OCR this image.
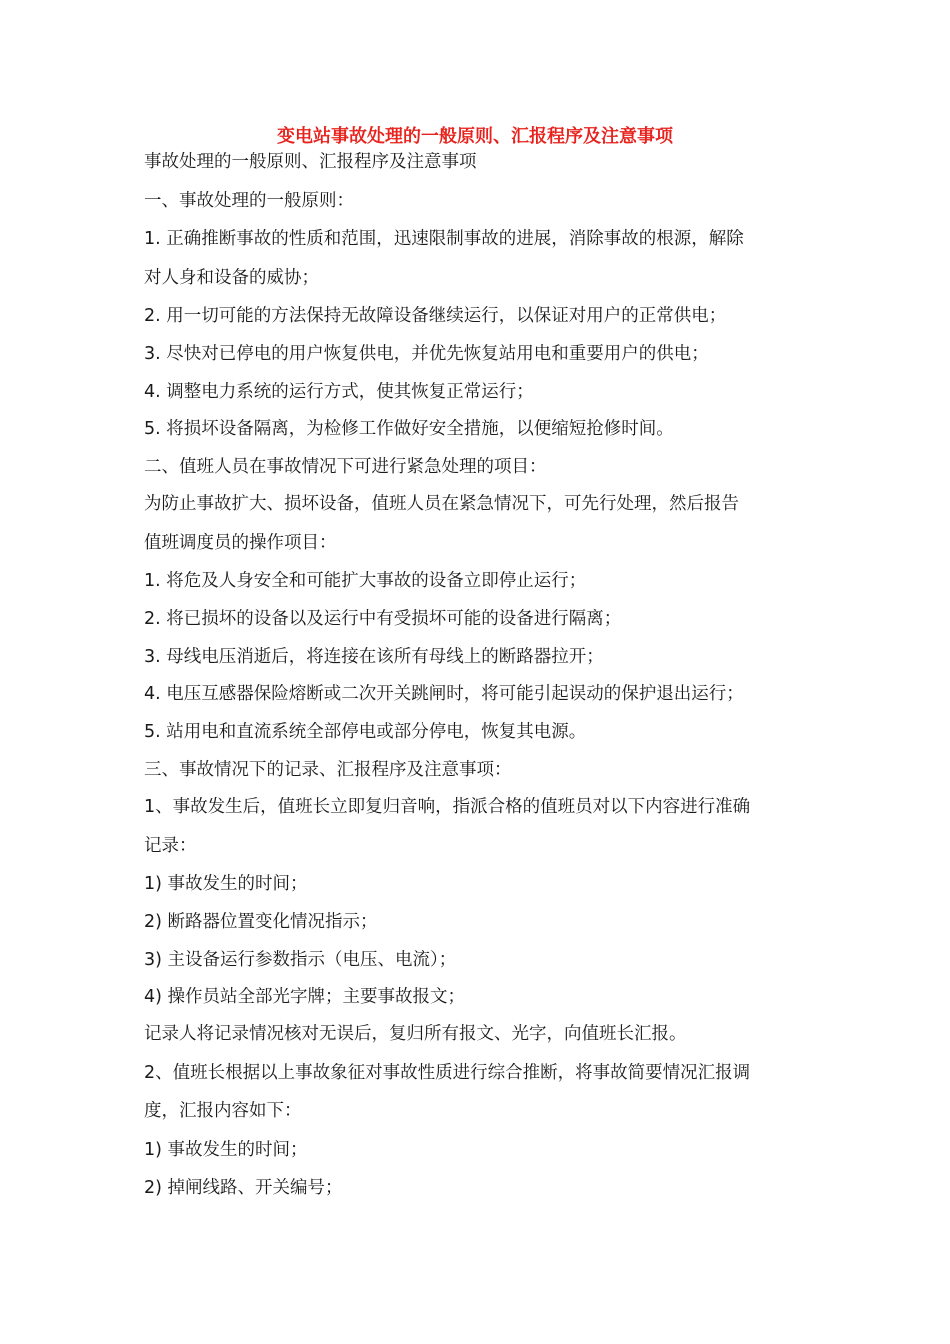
变电站事故处理的一般原则、汇报程序及注意事项
事故处理的一般原则、汇报程序及注意事项
一、事故处理的一般原则：
1. 正确推断事故的性质和范围，迅速限制事故的进展，消除事故的根源，解除
对人身和设备的威协；
2. 用一切可能的方法保持无故障设备继续运行，以保证对用户的正常供电；
3. 尽快对已停电的用户恢复供电，并优先恢复站用电和重要用户的供电；
4. 调整电力系统的运行方式，使其恢复正常运行；
5. 将损坏设备隔离，为检修工作做好安全措施，以便缩短抢修时间。
二、值班人员在事故情况下可进行紧急处理的项目：
为防止事故扩大、损坏设备，值班人员在紧急情况下，可先行处理，然后报告
值班调度员的操作项目：
1. 将危及人身安全和可能扩大事故的设备立即停止运行；
2. 将已损坏的设备以及运行中有受损坏可能的设备进行隔离；
3. 母线电压消逝后，将连接在该所有母线上的断路器拉开；
4. 电压互感器保险熔断或二次开关跳闸时，将可能引起误动的保护退出运行；
5. 站用电和直流系统全部停电或部分停电，恢复其电源。
三、事故情况下的记录、汇报程序及注意事项：
1、事故发生后，值班长立即复归音响，指派合格的值班员对以下内容进行准确
记录：
1) 事故发生的时间；
2) 断路器位置变化情况指示；
3) 主设备运行参数指示（电压、电流）；
4) 操作员站全部光字牌；主要事故报文；
记录人将记录情况核对无误后，复归所有报文、光字，向值班长汇报。
2、值班长根据以上事故象征对事故性质进行综合推断，将事故简要情况汇报调
度，汇报内容如下：
1) 事故发生的时间；
2) 掉闸线路、开关编号；
